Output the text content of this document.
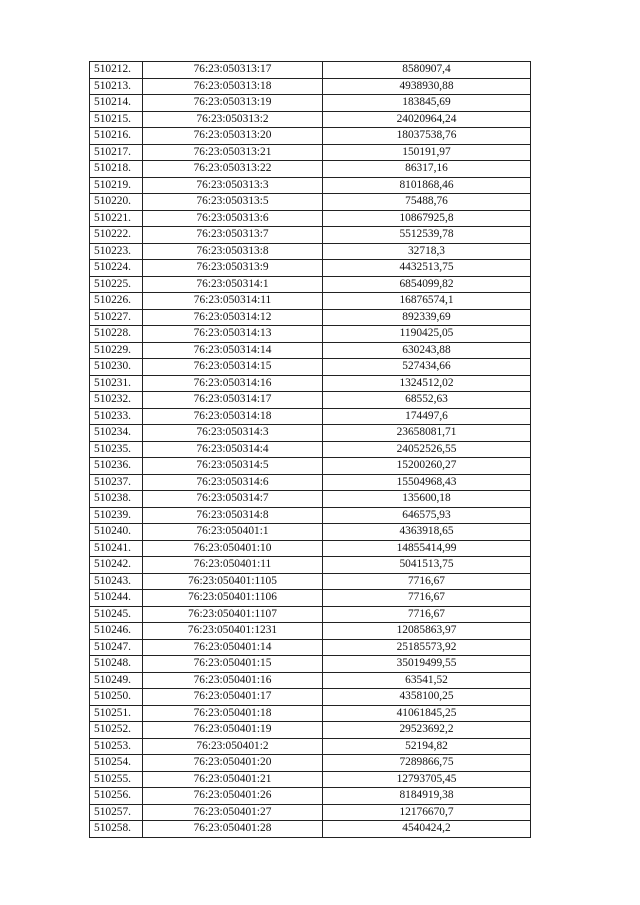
510212.	76:23:050313:17	8580907,4
510213.	76:23:050313:18	4938930,88
510214.	76:23:050313:19	183845,69
510215.	76:23:050313:2	24020964,24
510216.	76:23:050313:20	18037538,76
510217.	76:23:050313:21	150191,97
510218.	76:23:050313:22	86317,16
510219.	76:23:050313:3	8101868,46
510220.	76:23:050313:5	75488,76
510221.	76:23:050313:6	10867925,8
510222.	76:23:050313:7	5512539,78
510223.	76:23:050313:8	32718,3
510224.	76:23:050313:9	4432513,75
510225.	76:23:050314:1	6854099,82
510226.	76:23:050314:11	16876574,1
510227.	76:23:050314:12	892339,69
510228.	76:23:050314:13	1190425,05
510229.	76:23:050314:14	630243,88
510230.	76:23:050314:15	527434,66
510231.	76:23:050314:16	1324512,02
510232.	76:23:050314:17	68552,63
510233.	76:23:050314:18	174497,6
510234.	76:23:050314:3	23658081,71
510235.	76:23:050314:4	24052526,55
510236.	76:23:050314:5	15200260,27
510237.	76:23:050314:6	15504968,43
510238.	76:23:050314:7	135600,18
510239.	76:23:050314:8	646575,93
510240.	76:23:050401:1	4363918,65
510241.	76:23:050401:10	14855414,99
510242.	76:23:050401:11	5041513,75
510243.	76:23:050401:1105	7716,67
510244.	76:23:050401:1106	7716,67
510245.	76:23:050401:1107	7716,67
510246.	76:23:050401:1231	12085863,97
510247.	76:23:050401:14	25185573,92
510248.	76:23:050401:15	35019499,55
510249.	76:23:050401:16	63541,52
510250.	76:23:050401:17	4358100,25
510251.	76:23:050401:18	41061845,25
510252.	76:23:050401:19	29523692,2
510253.	76:23:050401:2	52194,82
510254.	76:23:050401:20	7289866,75
510255.	76:23:050401:21	12793705,45
510256.	76:23:050401:26	8184919,38
510257.	76:23:050401:27	12176670,7
510258.	76:23:050401:28	4540424,2
